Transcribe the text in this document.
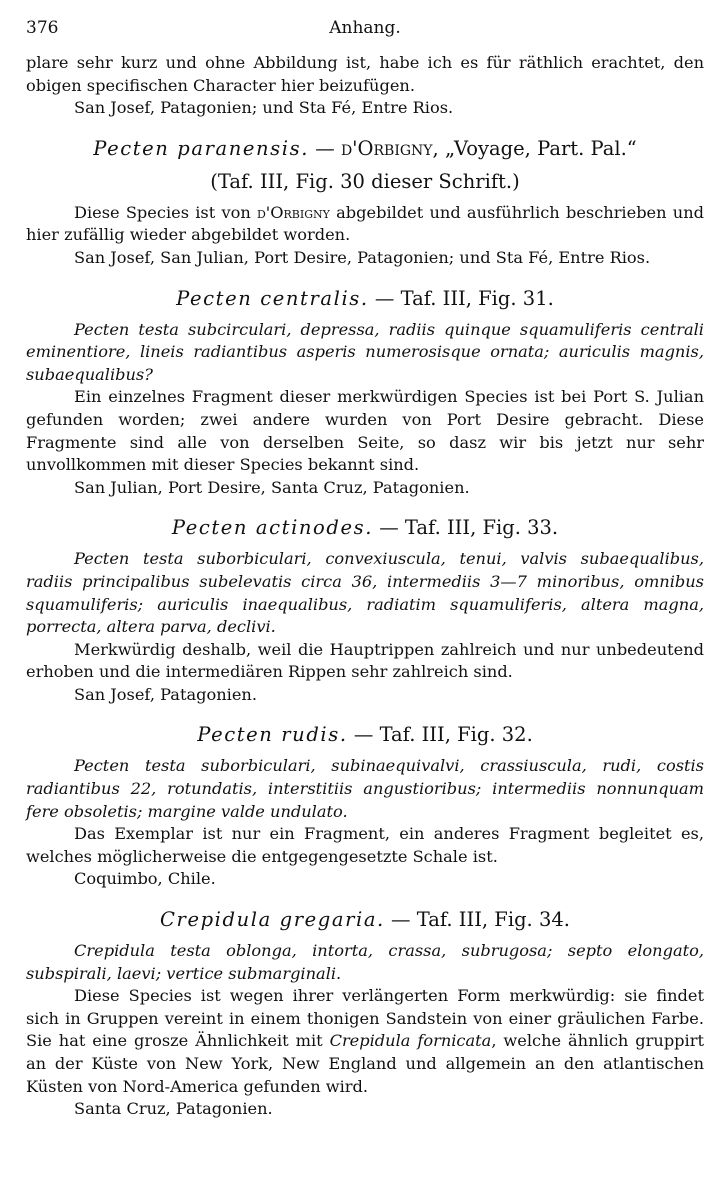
376	Anhang.

plare sehr kurz und ohne Abbildung ist, habe ich es für räthlich erachtet, den obigen specifischen Character hier beizufügen.

San Josef, Patagonien; und Sta Fé, Entre Rios.

Pecten paranensis. — d'Orbigny, „Voyage, Part. Pal.“
(Taf. III, Fig. 30 dieser Schrift.)

Diese Species ist von d'Orbigny abgebildet und ausführlich beschrieben und hier zufällig wieder abgebildet worden.

San Josef, San Julian, Port Desire, Patagonien; und Sta Fé, Entre Rios.

Pecten centralis. — Taf. III, Fig. 31.

Pecten testa subcirculari, depressa, radiis quinque squamuliferis centrali eminentiore, lineis radiantibus asperis numerosisque ornata; auriculis magnis, subaequalibus?

Ein einzelnes Fragment dieser merkwürdigen Species ist bei Port S. Julian gefunden worden; zwei andere wurden von Port Desire gebracht. Diese Fragmente sind alle von derselben Seite, so dasz wir bis jetzt nur sehr unvollkommen mit dieser Species bekannt sind.

San Julian, Port Desire, Santa Cruz, Patagonien.

Pecten actinodes. — Taf. III, Fig. 33.

Pecten testa suborbiculari, convexiuscula, tenui, valvis subaequalibus, radiis principalibus subelevatis circa 36, intermediis 3—7 minoribus, omnibus squamuliferis; auriculis inaequalibus, radiatim squamuliferis, altera magna, porrecta, altera parva, declivi.

Merkwürdig deshalb, weil die Hauptrippen zahlreich und nur unbedeutend erhoben und die intermediären Rippen sehr zahlreich sind.

San Josef, Patagonien.

Pecten rudis. — Taf. III, Fig. 32.

Pecten testa suborbiculari, subinaequivalvi, crassiuscula, rudi, costis radiantibus 22, rotundatis, interstitiis angustioribus; intermediis nonnunquam fere obsoletis; margine valde undulato.

Das Exemplar ist nur ein Fragment, ein anderes Fragment begleitet es, welches möglicherweise die entgegengesetzte Schale ist.

Coquimbo, Chile.

Crepidula gregaria. — Taf. III, Fig. 34.

Crepidula testa oblonga, intorta, crassa, subrugosa; septo elongato, subspirali, laevi; vertice submarginali.

Diese Species ist wegen ihrer verlängerten Form merkwürdig: sie findet sich in Gruppen vereint in einem thonigen Sandstein von einer gräulichen Farbe. Sie hat eine grosze Ähnlichkeit mit Crepidula fornicata, welche ähnlich gruppirt an der Küste von New York, New England und allgemein an den atlantischen Küsten von Nord-America gefunden wird.

Santa Cruz, Patagonien.
